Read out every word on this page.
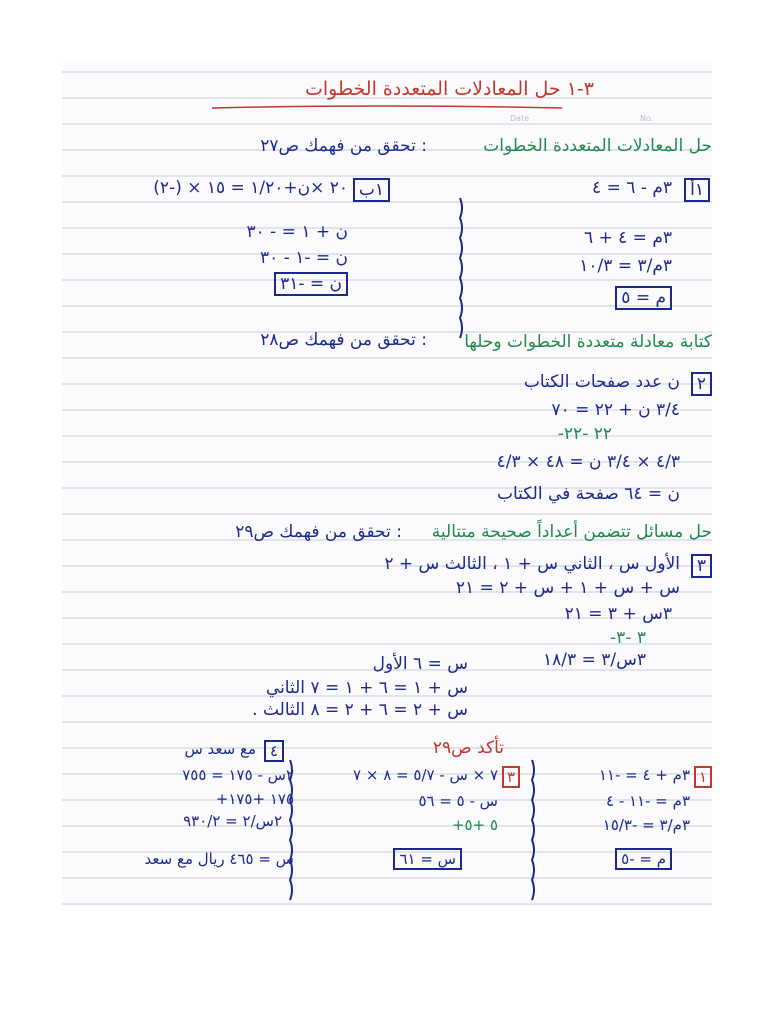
٣-١ حل المعادلات المتعددة الخطوات
Date	No.
حل المعادلات المتعددة الخطوات
: تحقق من فهمك ص٢٧
١أ
٣م - ٦ = ٤
٣م = ٤ + ٦
٣م/٣ = ١٠/٣
م = ٥
١ب
٢٠ ×ن+١/٢٠ = ١٥ × (-٢)
ن + ١ = - ٣٠
ن = -١ - ٣٠
ن = -٣١
كتابة معادلة متعددة الخطوات وحلها
: تحقق من فهمك ص٢٨
٢
ن عدد صفحات الكتاب
٣/٤ ن + ٢٢ = ٧٠
-٢٢ -٢٢
٤/٣ × ٣/٤ ن = ٤٨ × ٤/٣
ن = ٦٤ صفحة في الكتاب
حل مسائل تتضمن أعداداً صحيحة متتالية
: تحقق من فهمك ص٢٩
٣
الأول س ، الثاني س + ١ ، الثالث س + ٢
س + س + ١ + س + ٢ = ٢١
٣س + ٣ = ٢١
-٣ -٣
٣س/٣ = ١٨/٣
س = ٦ الأول
س + ١ = ٦ + ١ = ٧ الثاني
س + ٢ = ٦ + ٢ = ٨ الثالث .
تأكد ص٢٩
١
٣م + ٤ = -١١
٣م = -١١ - ٤
٣م/٣ = -١٥/٣
م = -٥
٣
٧ × س - ٥/٧ = ٨ × ٧
س - ٥ = ٥٦
+٥ +٥
س = ٦١
٤
مع سعد س
٢س - ١٧٥ = ٧٥٥
+١٧٥ +١٧٥
٢س/٢ = ٩٣٠/٢
س = ٤٦٥ ريال مع سعد
